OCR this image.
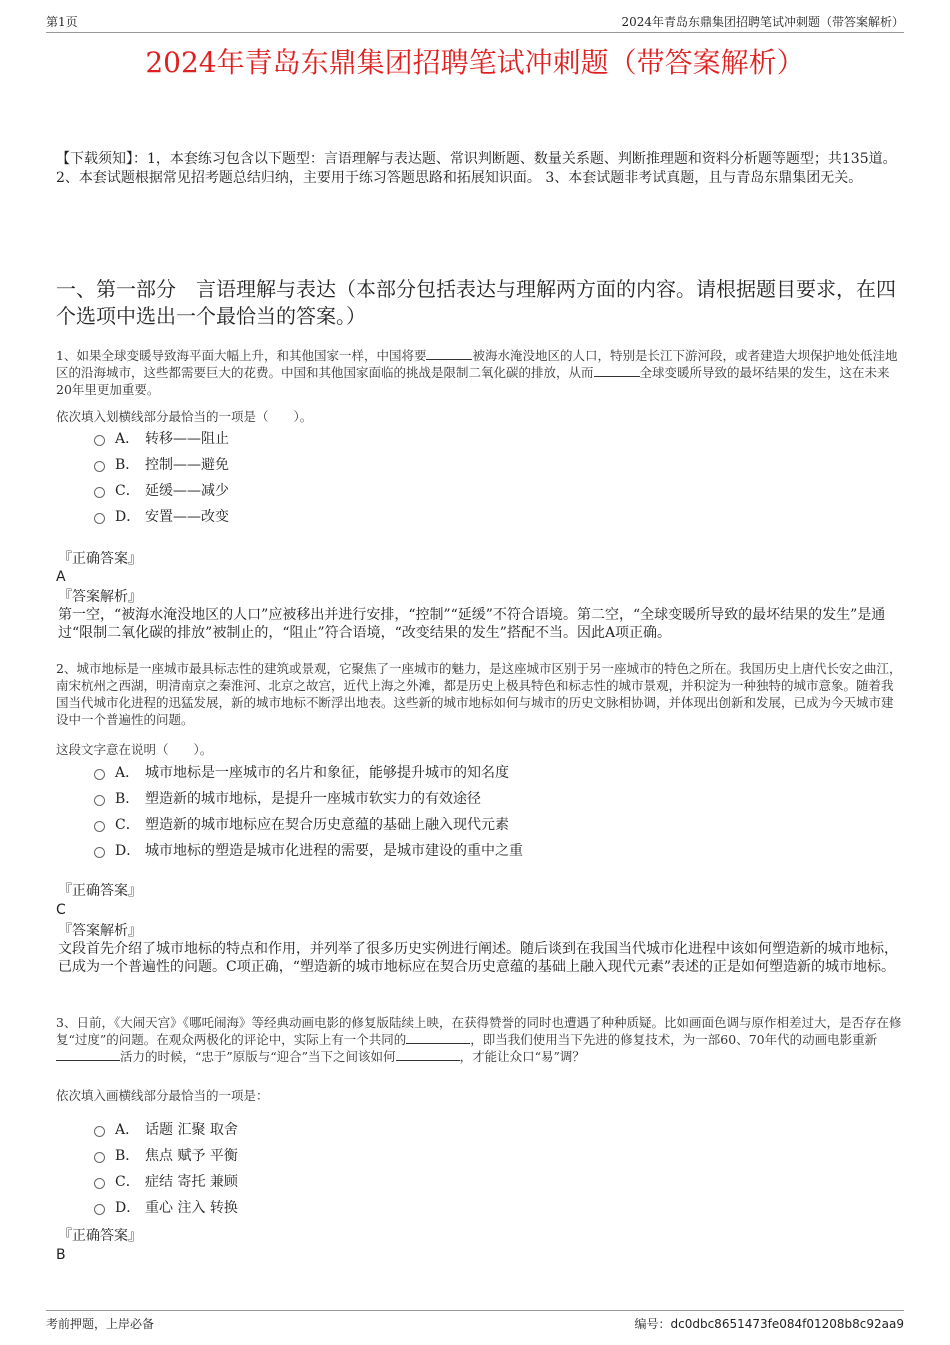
第1页	2024年青岛东鼎集团招聘笔试冲刺题（带答案解析）
2024年青岛东鼎集团招聘笔试冲刺题（带答案解析）
【下载须知】：1，本套练习包含以下题型：言语理解与表达题、常识判断题、数量关系题、判断推理题和资料分析题等题型；共135道。 2、本套试题根据常见招考题总结归纳，主要用于练习答题思路和拓展知识面。 3、本套试题非考试真题，且与青岛东鼎集团无关。
一、第一部分　言语理解与表达（本部分包括表达与理解两方面的内容。请根据题目要求，在四个选项中选出一个最恰当的答案。）
1、如果全球变暖导致海平面大幅上升，和其他国家一样，中国将要	被海水淹没地区的人口，特别是长江下游河段，或者建造大坝保护地处低洼地区的沿海城市，这些都需要巨大的花费。中国和其他国家面临的挑战是限制二氧化碳的排放，从而	全球变暖所导致的最坏结果的发生，这在未来20年里更加重要。
依次填入划横线部分最恰当的一项是（　　）。
A． 转移——阻止
B． 控制——避免
C． 延缓——减少
D． 安置——改变
『正确答案』
A
『答案解析』
第一空，“被海水淹没地区的人口”应被移出并进行安排，“控制”“延缓”不符合语境。第二空，“全球变暖所导致的最坏结果的发生”是通过“限制二氧化碳的排放”被制止的，“阻止”符合语境，“改变结果的发生”搭配不当。因此A项正确。
2、城市地标是一座城市最具标志性的建筑或景观，它聚焦了一座城市的魅力，是这座城市区别于另一座城市的特色之所在。我国历史上唐代长安之曲江，南宋杭州之西湖，明清南京之秦淮河、北京之故宫，近代上海之外滩，都是历史上极具特色和标志性的城市景观，并积淀为一种独特的城市意象。随着我国当代城市化进程的迅猛发展，新的城市地标不断浮出地表。这些新的城市地标如何与城市的历史文脉相协调，并体现出创新和发展，已成为今天城市建设中一个普遍性的问题。
这段文字意在说明（　　）。
A． 城市地标是一座城市的名片和象征，能够提升城市的知名度
B． 塑造新的城市地标，是提升一座城市软实力的有效途径
C． 塑造新的城市地标应在契合历史意蕴的基础上融入现代元素
D． 城市地标的塑造是城市化进程的需要，是城市建设的重中之重
『正确答案』
C
『答案解析』
文段首先介绍了城市地标的特点和作用，并列举了很多历史实例进行阐述。随后谈到在我国当代城市化进程中该如何塑造新的城市地标，已成为一个普遍性的问题。C项正确，“塑造新的城市地标应在契合历史意蕴的基础上融入现代元素”表述的正是如何塑造新的城市地标。
3、日前，《大闹天宫》《哪吒闹海》等经典动画电影的修复版陆续上映，在获得赞誉的同时也遭遇了种种质疑。比如画面色调与原作相差过大，是否存在修复“过度”的问题。在观众两极化的评论中，实际上有一个共同的	，即当我们使用当下先进的修复技术，为一部60、70年代的动画电影重新活力的时候，“忠于”原版与“迎合”当下之间该如何	，才能让众口“易”调？
依次填入画横线部分最恰当的一项是：
A． 话题 汇聚 取舍
B． 焦点 赋予 平衡
C． 症结 寄托 兼顾
D． 重心 注入 转换
『正确答案』
B
考前押题，上岸必备	编号：dc0dbc8651473fe084f01208b8c92aa9
